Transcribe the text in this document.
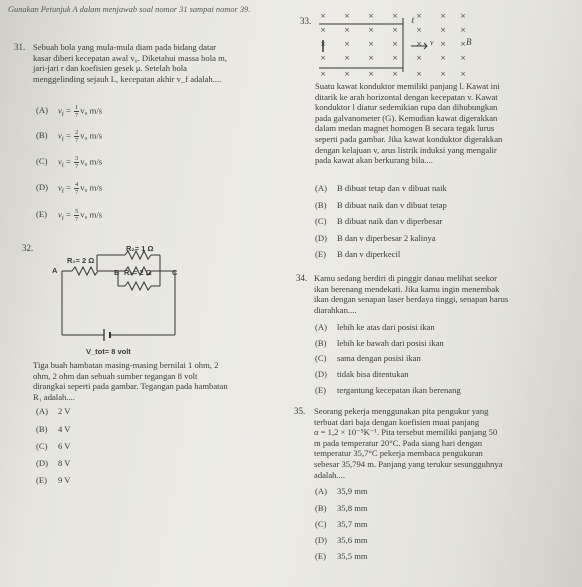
Gunakan Petunjuk A dalam menjawab soal nomor 31 sampai nomor 39.
31. Sebuah bola yang mula-mula diam pada bidang datar
kasar diberi kecepatan awal v₀. Diketahui massa bola m,
jari-jari r dan koefisien gesek μ. Setelah bola
menggelinding sejauh L, kecepatan akhir v_f adalah....
(A) $v_f = \frac{1}{7} v_0$ m/s
(B) $v_f = \frac{2}{7} v_0$ m/s
(C) $v_f = \frac{3}{7} v_0$ m/s
(D) $v_f = \frac{4}{7} v_0$ m/s
(E) $v_f = \frac{5}{7} v_0$ m/s
32.	R₂= 1 Ω
R₁= 2 Ω
R₃= 2 Ω
A	B	C
V_tot= 8 volt
Tiga buah hambatan masing-masing bernilai 1 ohm, 2
ohm, 2 ohm dan sebuah sumber tegangan 8 volt
dirangkai seperti pada gambar. Tegangan pada hambatan
R₁ adalah....
(A) 2 V
(B) 4 V
(C) 6 V
(D) 8 V
(E) 9 V
33. ×	×	×	×	×	× ×
×	×	×	×	×	× ×
×	×	×	×	×	× ×
×	×	×	×	×	× ×
×	×	×	×	×	× ×
ℓ
B
v
Suatu kawat konduktor memiliki panjang l. Kawat ini
ditarik ke arah horizontal dengan kecepatan v. Kawat
konduktor l diatur sedemikian rupa dan dihubungkan
pada galvanometer (G). Kemudian kawat digerakkan
dalam medan magnet homogen B secara tegak lurus
seperti pada gambar. Jika kawat konduktor digerakkan
dengan kelajuan v, arus listrik induksi yang mengalir
pada kawat akan berkurang bila....
(A) B dibuat tetap dan v dibuat naik
(B) B dibuat naik dan v dibuat tetap
(C) B dibuat naik dan v diperbesar
(D) B dan v diperbesar 2 kalinya
(E) B dan v diperkecil
34. Kamu sedang berdiri di pinggir danau melihat seekor
ikan berenang mendekati. Jika kamu ingin menembak
ikan dengan senapan laser berdaya tinggi, senapan harus
diarahkan....
(A) lebih ke atas dari posisi ikan
(B) lebih ke bawah dari posisi ikan
(C) sama dengan posisi ikan
(D) tidak bisa ditentukan
(E) tergantung kecepatan ikan berenang
35. Seorang pekerja menggunakan pita pengukur yang
terbuat dari baja dengan koefisien muai panjang
α = 1,2 × 10⁻⁵K⁻¹. Pita tersebut memiliki panjang 50
m pada temperatur 20°C. Pada siang hari dengan
temperatur 35,7°C pekerja membaca pengukuran
sebesar 35,794 m. Panjang yang terukur sesungguhnya
adalah....
(A) 35,9 mm
(B) 35,8 mm
(C) 35,7 mm
(D) 35,6 mm
(E) 35,5 mm
